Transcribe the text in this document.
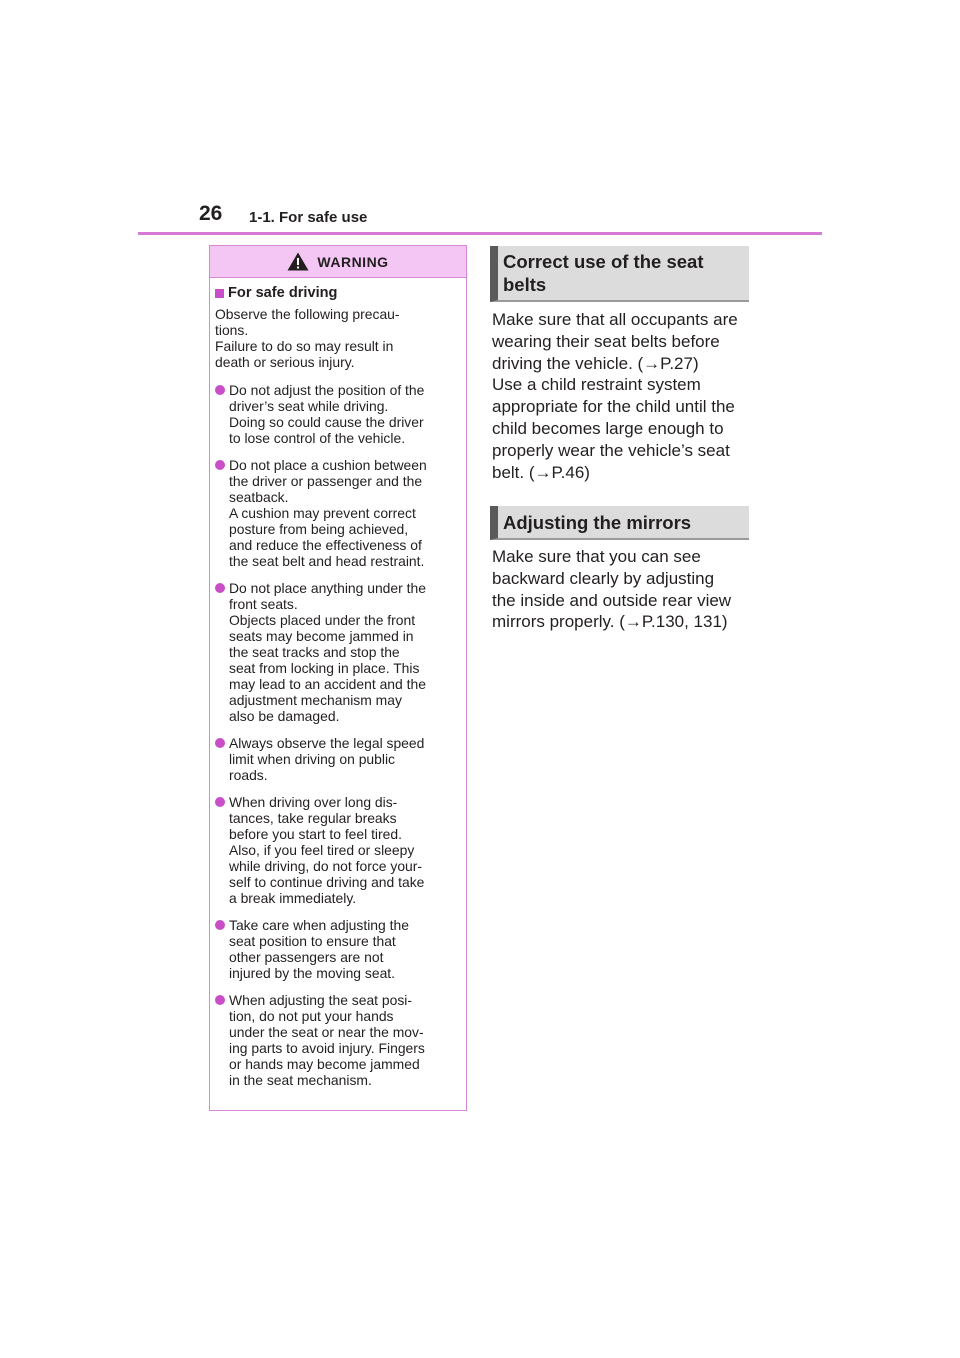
26 1-1. For safe use
WARNING
For safe driving
Observe the following precau-
tions.
Failure to do so may result in
death or serious injury.
Do not adjust the position of the
driver’s seat while driving.
Doing so could cause the driver
to lose control of the vehicle.
Do not place a cushion between
the driver or passenger and the
seatback.
A cushion may prevent correct
posture from being achieved,
and reduce the effectiveness of
the seat belt and head restraint.
Do not place anything under the
front seats.
Objects placed under the front
seats may become jammed in
the seat tracks and stop the
seat from locking in place. This
may lead to an accident and the
adjustment mechanism may
also be damaged.
Always observe the legal speed
limit when driving on public
roads.
When driving over long dis-
tances, take regular breaks
before you start to feel tired.
Also, if you feel tired or sleepy
while driving, do not force your-
self to continue driving and take
a break immediately.
Take care when adjusting the
seat position to ensure that
other passengers are not
injured by the moving seat.
When adjusting the seat posi-
tion, do not put your hands
under the seat or near the mov-
ing parts to avoid injury. Fingers
or hands may become jammed
in the seat mechanism.
Correct use of the seat
belts
Make sure that all occupants are
wearing their seat belts before
driving the vehicle. (→P.27)
Use a child restraint system
appropriate for the child until the
child becomes large enough to
properly wear the vehicle’s seat
belt. (→P.46)
Adjusting the mirrors
Make sure that you can see
backward clearly by adjusting
the inside and outside rear view
mirrors properly. (→P.130, 131)
